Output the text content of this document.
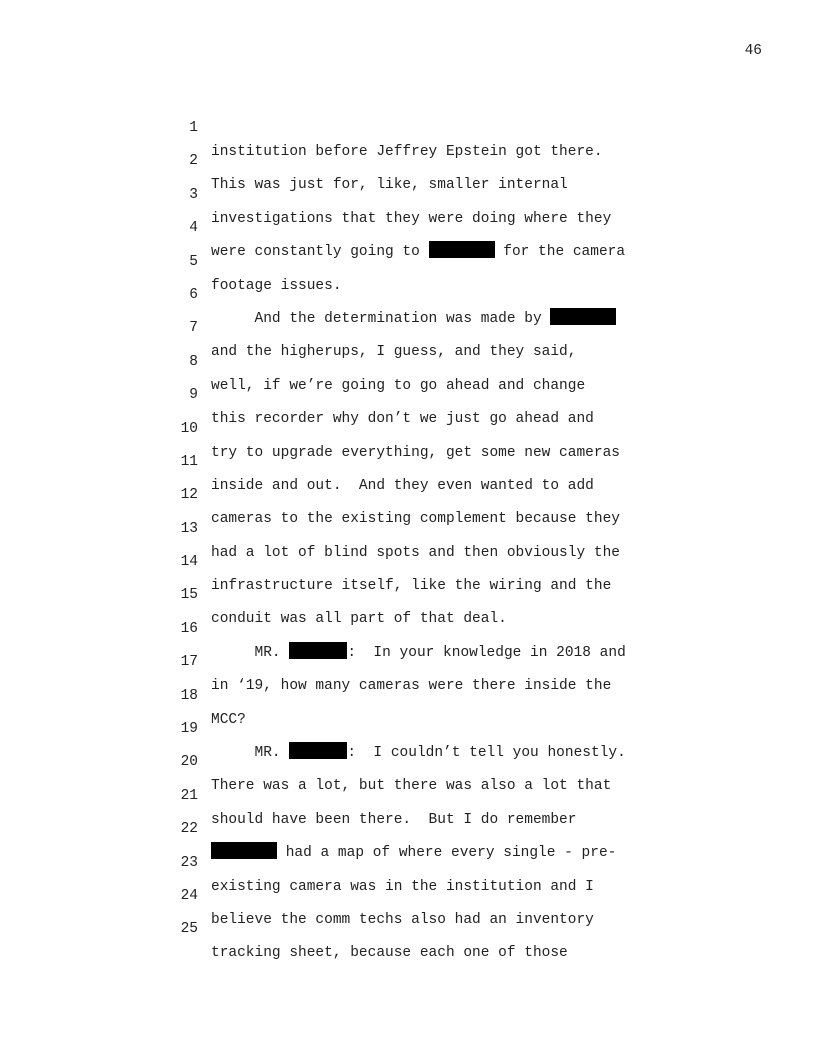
46

1

institution before Jeffrey Epstein got there.

2

This was just for, like, smaller internal

3

investigations that they were doing where they

4

were constantly going to	for the camera

5

footage issues.

6

And the determination was made by

7

and the higherups, I guess, and they said,

8

well, if we’re going to go ahead and change

9

this recorder why don’t we just go ahead and

10

try to upgrade everything, get some new cameras

11

inside and out.  And they even wanted to add

12

cameras to the existing complement because they

13

had a lot of blind spots and then obviously the

14

infrastructure itself, like the wiring and the

15

conduit was all part of that deal.

16

MR.	:  In your knowledge in 2018 and

17

in ‘19, how many cameras were there inside the

18

MCC?

19

MR.	:  I couldn’t tell you honestly.

20

There was a lot, but there was also a lot that

21

should have been there.  But I do remember

22

had a map of where every single - pre-

23

existing camera was in the institution and I

24

believe the comm techs also had an inventory

25

tracking sheet, because each one of those
